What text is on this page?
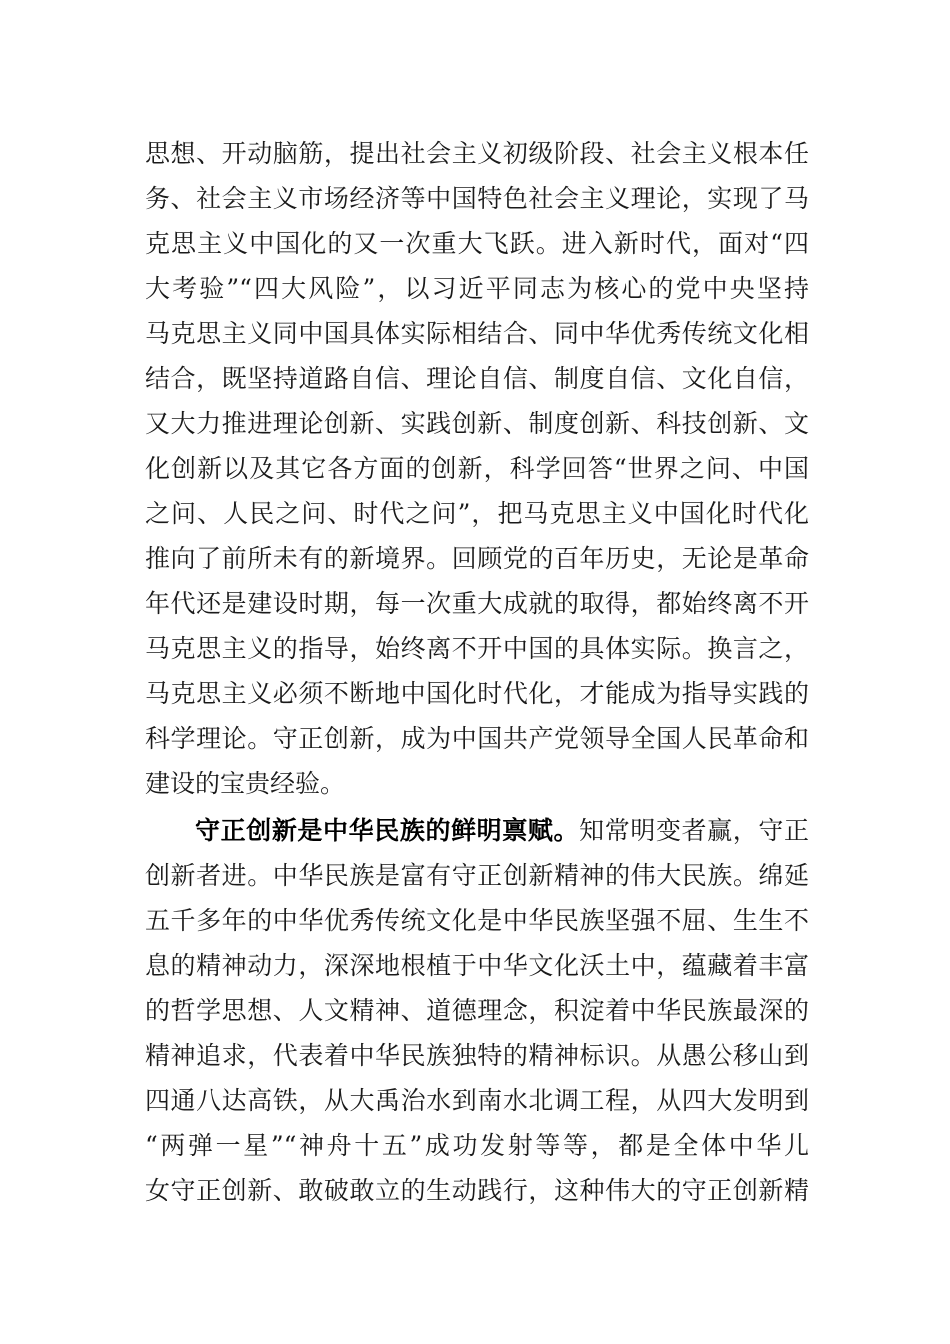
思想、开动脑筋，提出社会主义初级阶段、社会主义根本任
务、社会主义市场经济等中国特色社会主义理论，实现了马
克思主义中国化的又一次重大飞跃。进入新时代，面对“四
大考验”“四大风险”，以习近平同志为核心的党中央坚持
马克思主义同中国具体实际相结合、同中华优秀传统文化相
结合，既坚持道路自信、理论自信、制度自信、文化自信，
又大力推进理论创新、实践创新、制度创新、科技创新、文
化创新以及其它各方面的创新，科学回答“世界之问、中国
之问、人民之问、时代之问”，把马克思主义中国化时代化
推向了前所未有的新境界。回顾党的百年历史，无论是革命
年代还是建设时期，每一次重大成就的取得，都始终离不开
马克思主义的指导，始终离不开中国的具体实际。换言之，
马克思主义必须不断地中国化时代化，才能成为指导实践的
科学理论。守正创新，成为中国共产党领导全国人民革命和
建设的宝贵经验。
守正创新是中华民族的鲜明禀赋。知常明变者赢，守正
创新者进。中华民族是富有守正创新精神的伟大民族。绵延
五千多年的中华优秀传统文化是中华民族坚强不屈、生生不
息的精神动力，深深地根植于中华文化沃土中，蕴藏着丰富
的哲学思想、人文精神、道德理念，积淀着中华民族最深的
精神追求，代表着中华民族独特的精神标识。从愚公移山到
四通八达高铁，从大禹治水到南水北调工程，从四大发明到
“两弹一星”“神舟十五”成功发射等等，都是全体中华儿
女守正创新、敢破敢立的生动践行，这种伟大的守正创新精
